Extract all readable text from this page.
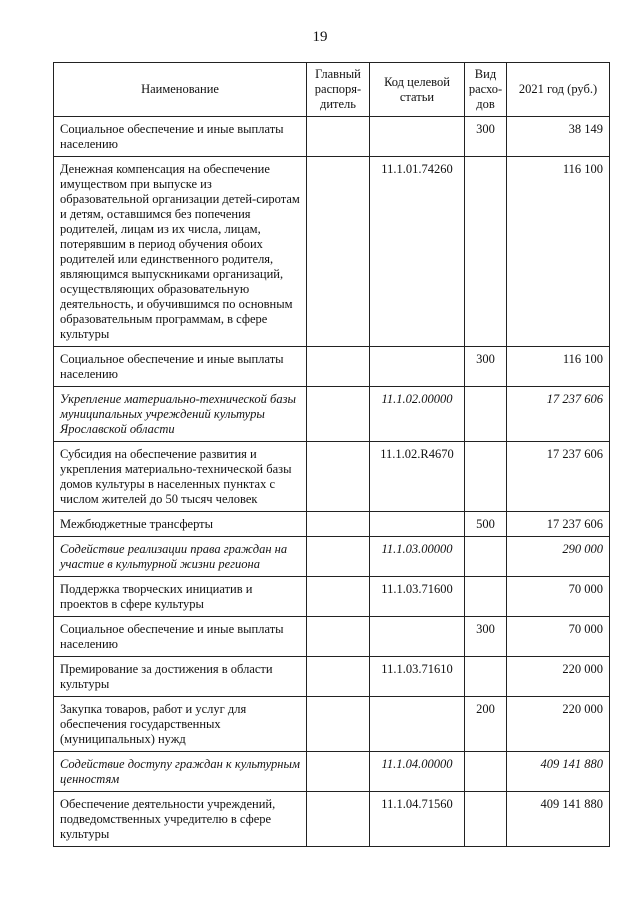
19
Наименование	Главный распоря-дитель	Код целевой статьи	Вид расхо-дов	2021 год (руб.)
Социальное обеспечение и иные выплаты населению			300	38 149
Денежная компенсация на обеспечение имуществом при выпуске из образовательной организации детей-сиротам и детям, оставшимся без попечения родителей, лицам из их числа, лицам, потерявшим в период обучения обоих родителей или единственного родителя, являющимся выпускниками организаций, осуществляющих образовательную деятельность, и обучившимся по основным образовательным программам, в сфере культуры		11.1.01.74260		116 100
Социальное обеспечение и иные выплаты населению			300	116 100
Укрепление материально-технической базы муниципальных учреждений культуры Ярославской области		11.1.02.00000		17 237 606
Субсидия на обеспечение развития и укрепления материально-технической базы домов культуры в населенных пунктах с числом жителей до 50 тысяч человек		11.1.02.R4670		17 237 606
Межбюджетные трансферты			500	17 237 606
Содействие реализации права граждан на участие в культурной жизни региона		11.1.03.00000		290 000
Поддержка творческих инициатив и проектов в сфере культуры		11.1.03.71600		70 000
Социальное обеспечение и иные выплаты населению			300	70 000
Премирование за достижения в области культуры		11.1.03.71610		220 000
Закупка товаров, работ и услуг для обеспечения государственных (муниципальных) нужд			200	220 000
Содействие доступу граждан к культурным ценностям		11.1.04.00000		409 141 880
Обеспечение деятельности учреждений, подведомственных учредителю в сфере культуры		11.1.04.71560		409 141 880
